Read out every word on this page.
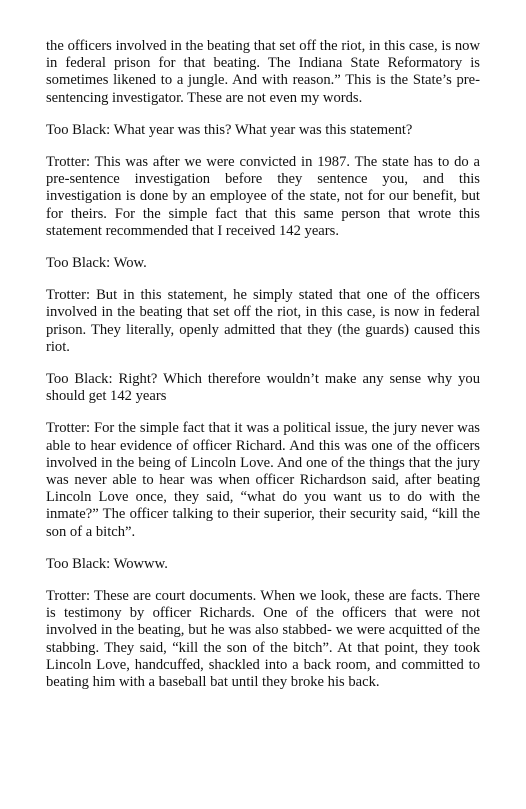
the officers involved in the beating that set off the riot, in this case, is now in federal prison for that beating. The Indiana State Reformatory is sometimes likened to a jungle. And with reason.” This is the State’s pre-sentencing investigator. These are not even my words.

Too Black: What year was this? What year was this statement?

Trotter: This was after we were convicted in 1987. The state has to do a pre-sentence investigation before they sentence you, and this investigation is done by an employee of the state, not for our benefit, but for theirs. For the simple fact that this same person that wrote this statement recommended that I received 142 years.

Too Black: Wow.

Trotter: But in this statement, he simply stated that one of the officers involved in the beating that set off the riot, in this case, is now in federal prison. They literally, openly admitted that they (the guards) caused this riot.

Too Black: Right? Which therefore wouldn’t make any sense why you should get 142 years

Trotter: For the simple fact that it was a political issue, the jury never was able to hear evidence of officer Richard. And this was one of the officers involved in the being of Lincoln Love. And one of the things that the jury was never able to hear was when officer Richardson said, after beating Lincoln Love once, they said, “what do you want us to do with the inmate?” The officer talking to their superior, their security said, “kill the son of a bitch”.

Too Black: Wowww.

Trotter: These are court documents. When we look, these are facts. There is testimony by officer Richards. One of the officers that were not involved in the beating, but he was also stabbed- we were acquitted of the stabbing. They said, “kill the son of the bitch”. At that point, they took Lincoln Love, handcuffed, shackled into a back room, and committed to beating him with a baseball bat until they broke his back.
